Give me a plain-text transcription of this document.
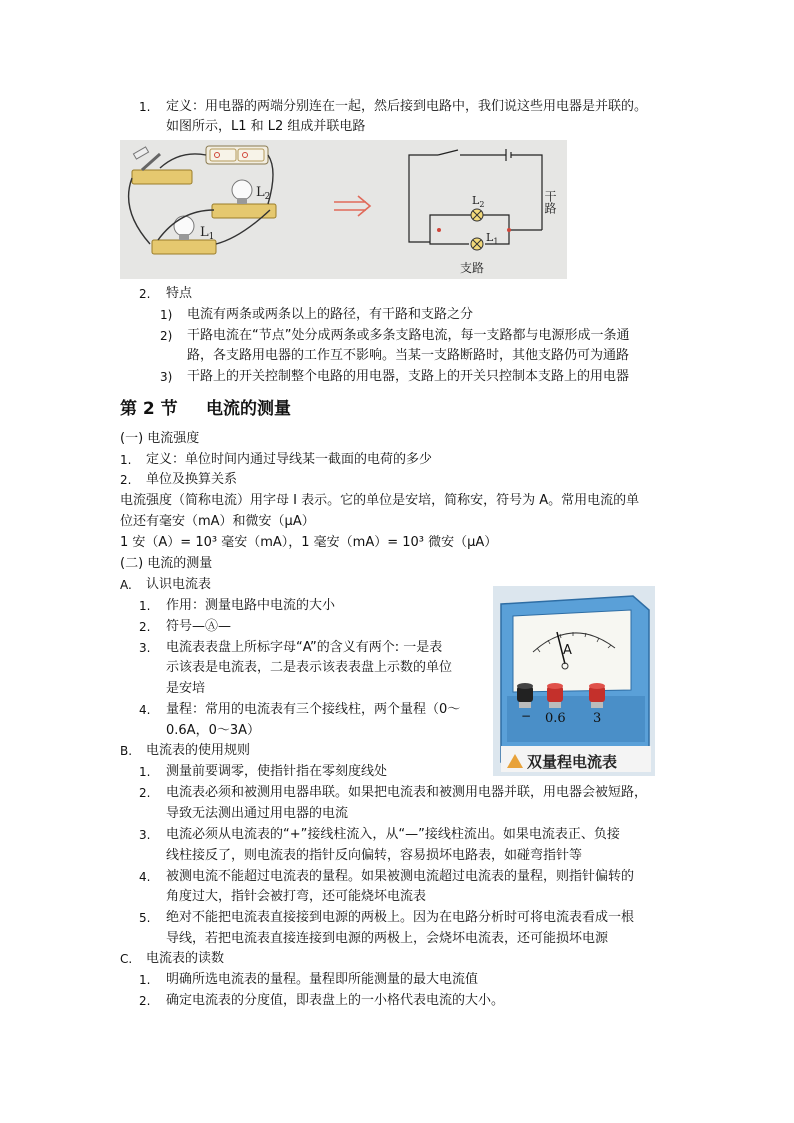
1. 定义：用电器的两端分别连在一起，然后接到电路中，我们说这些用电器是并联的。
如图所示，L1 和 L2 组成并联电路
$L_2$
$L_1$
$L_2$
$L_1$
干路
支路
2. 特点
1) 电流有两条或两条以上的路径，有干路和支路之分
2) 干路电流在“节点”处分成两条或多条支路电流，每一支路都与电源形成一条通
路，各支路用电器的工作互不影响。当某一支路断路时，其他支路仍可为通路
3) 干路上的开关控制整个电路的用电器，支路上的开关只控制本支路上的用电器
第 2 节 电流的测量
(一) 电流强度
1. 定义：单位时间内通过导线某一截面的电荷的多少
2. 单位及换算关系
电流强度（简称电流）用字母 I 表示。它的单位是安培，简称安，符号为 A。常用电流的单
位还有毫安（mA）和微安（μA）
1 安（A）= 10³ 毫安（mA），1 毫安（mA）= 10³ 微安（μA）
(二) 电流的测量
A. 认识电流表
1. 作用：测量电路中电流的大小
2. 符号—Ⓐ—
3. 电流表表盘上所标字母“A”的含义有两个: 一是表
示该表是电流表，二是表示该表表盘上示数的单位
是安培
4. 量程：常用的电流表有三个接线柱，两个量程（0～
0.6A，0～3A）
A
− 0.6 3
双量程电流表
B. 电流表的使用规则
1. 测量前要调零，使指针指在零刻度线处
2. 电流表必须和被测用电器串联。如果把电流表和被测用电器并联，用电器会被短路，
导致无法测出通过用电器的电流
3. 电流必须从电流表的“+”接线柱流入，从“—”接线柱流出。如果电流表正、负接
线柱接反了，则电流表的指针反向偏转，容易损坏电路表，如碰弯指针等
4. 被测电流不能超过电流表的量程。如果被测电流超过电流表的量程，则指针偏转的
角度过大，指针会被打弯，还可能烧坏电流表
5. 绝对不能把电流表直接接到电源的两极上。因为在电路分析时可将电流表看成一根
导线，若把电流表直接连接到电源的两极上，会烧坏电流表，还可能损坏电源
C. 电流表的读数
1. 明确所选电流表的量程。量程即所能测量的最大电流值
2. 确定电流表的分度值，即表盘上的一小格代表电流的大小。
